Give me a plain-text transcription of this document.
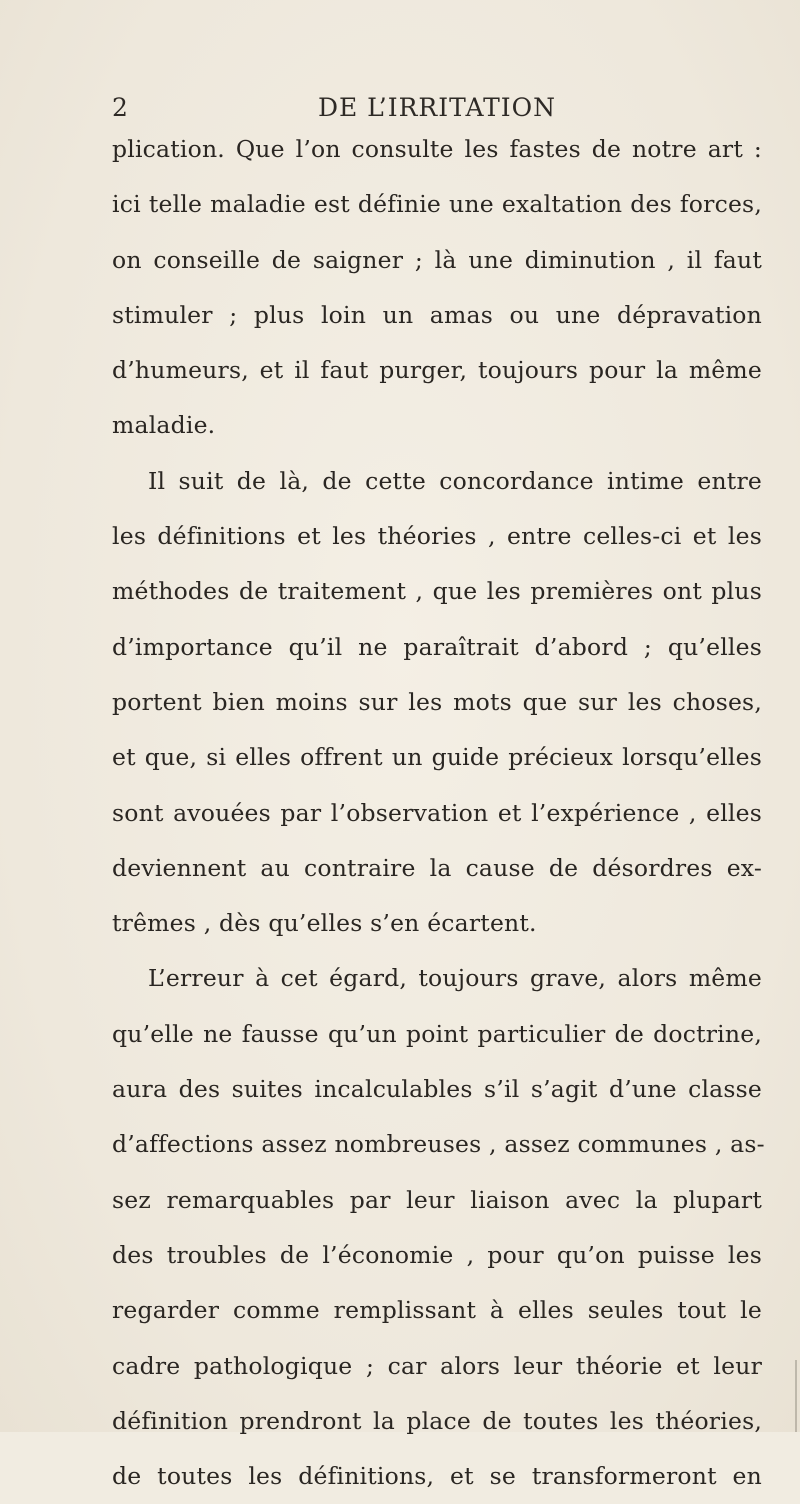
2	DE L’IRRITATION
plication. Que l’on consulte les fastes de notre art :
ici telle maladie est définie une exaltation des forces,
on conseille de saigner ; là une diminution , il faut
stimuler ; plus loin un amas ou une dépravation
d’humeurs, et il faut purger, toujours pour la même
maladie.
Il suit de là, de cette concordance intime entre
les définitions et les théories , entre celles-ci et les
méthodes de traitement , que les premières ont plus
d’importance qu’il ne paraîtrait d’abord ; qu’elles
portent bien moins sur les mots que sur les choses,
et que, si elles offrent un guide précieux lorsqu’elles
sont avouées par l’observation et l’expérience , elles
deviennent au contraire la cause de désordres ex-
trêmes , dès qu’elles s’en écartent.
L’erreur à cet égard, toujours grave, alors même
qu’elle ne fausse qu’un point particulier de doctrine,
aura des suites incalculables s’il s’agit d’une classe
d’affections assez nombreuses , assez communes , as-
sez remarquables par leur liaison avec la plupart
des troubles de l’économie , pour qu’on puisse les
regarder comme remplissant à elles seules tout le
cadre pathologique ; car alors leur théorie et leur
définition prendront la place de toutes les théories,
de toutes les définitions, et se transformeront en
